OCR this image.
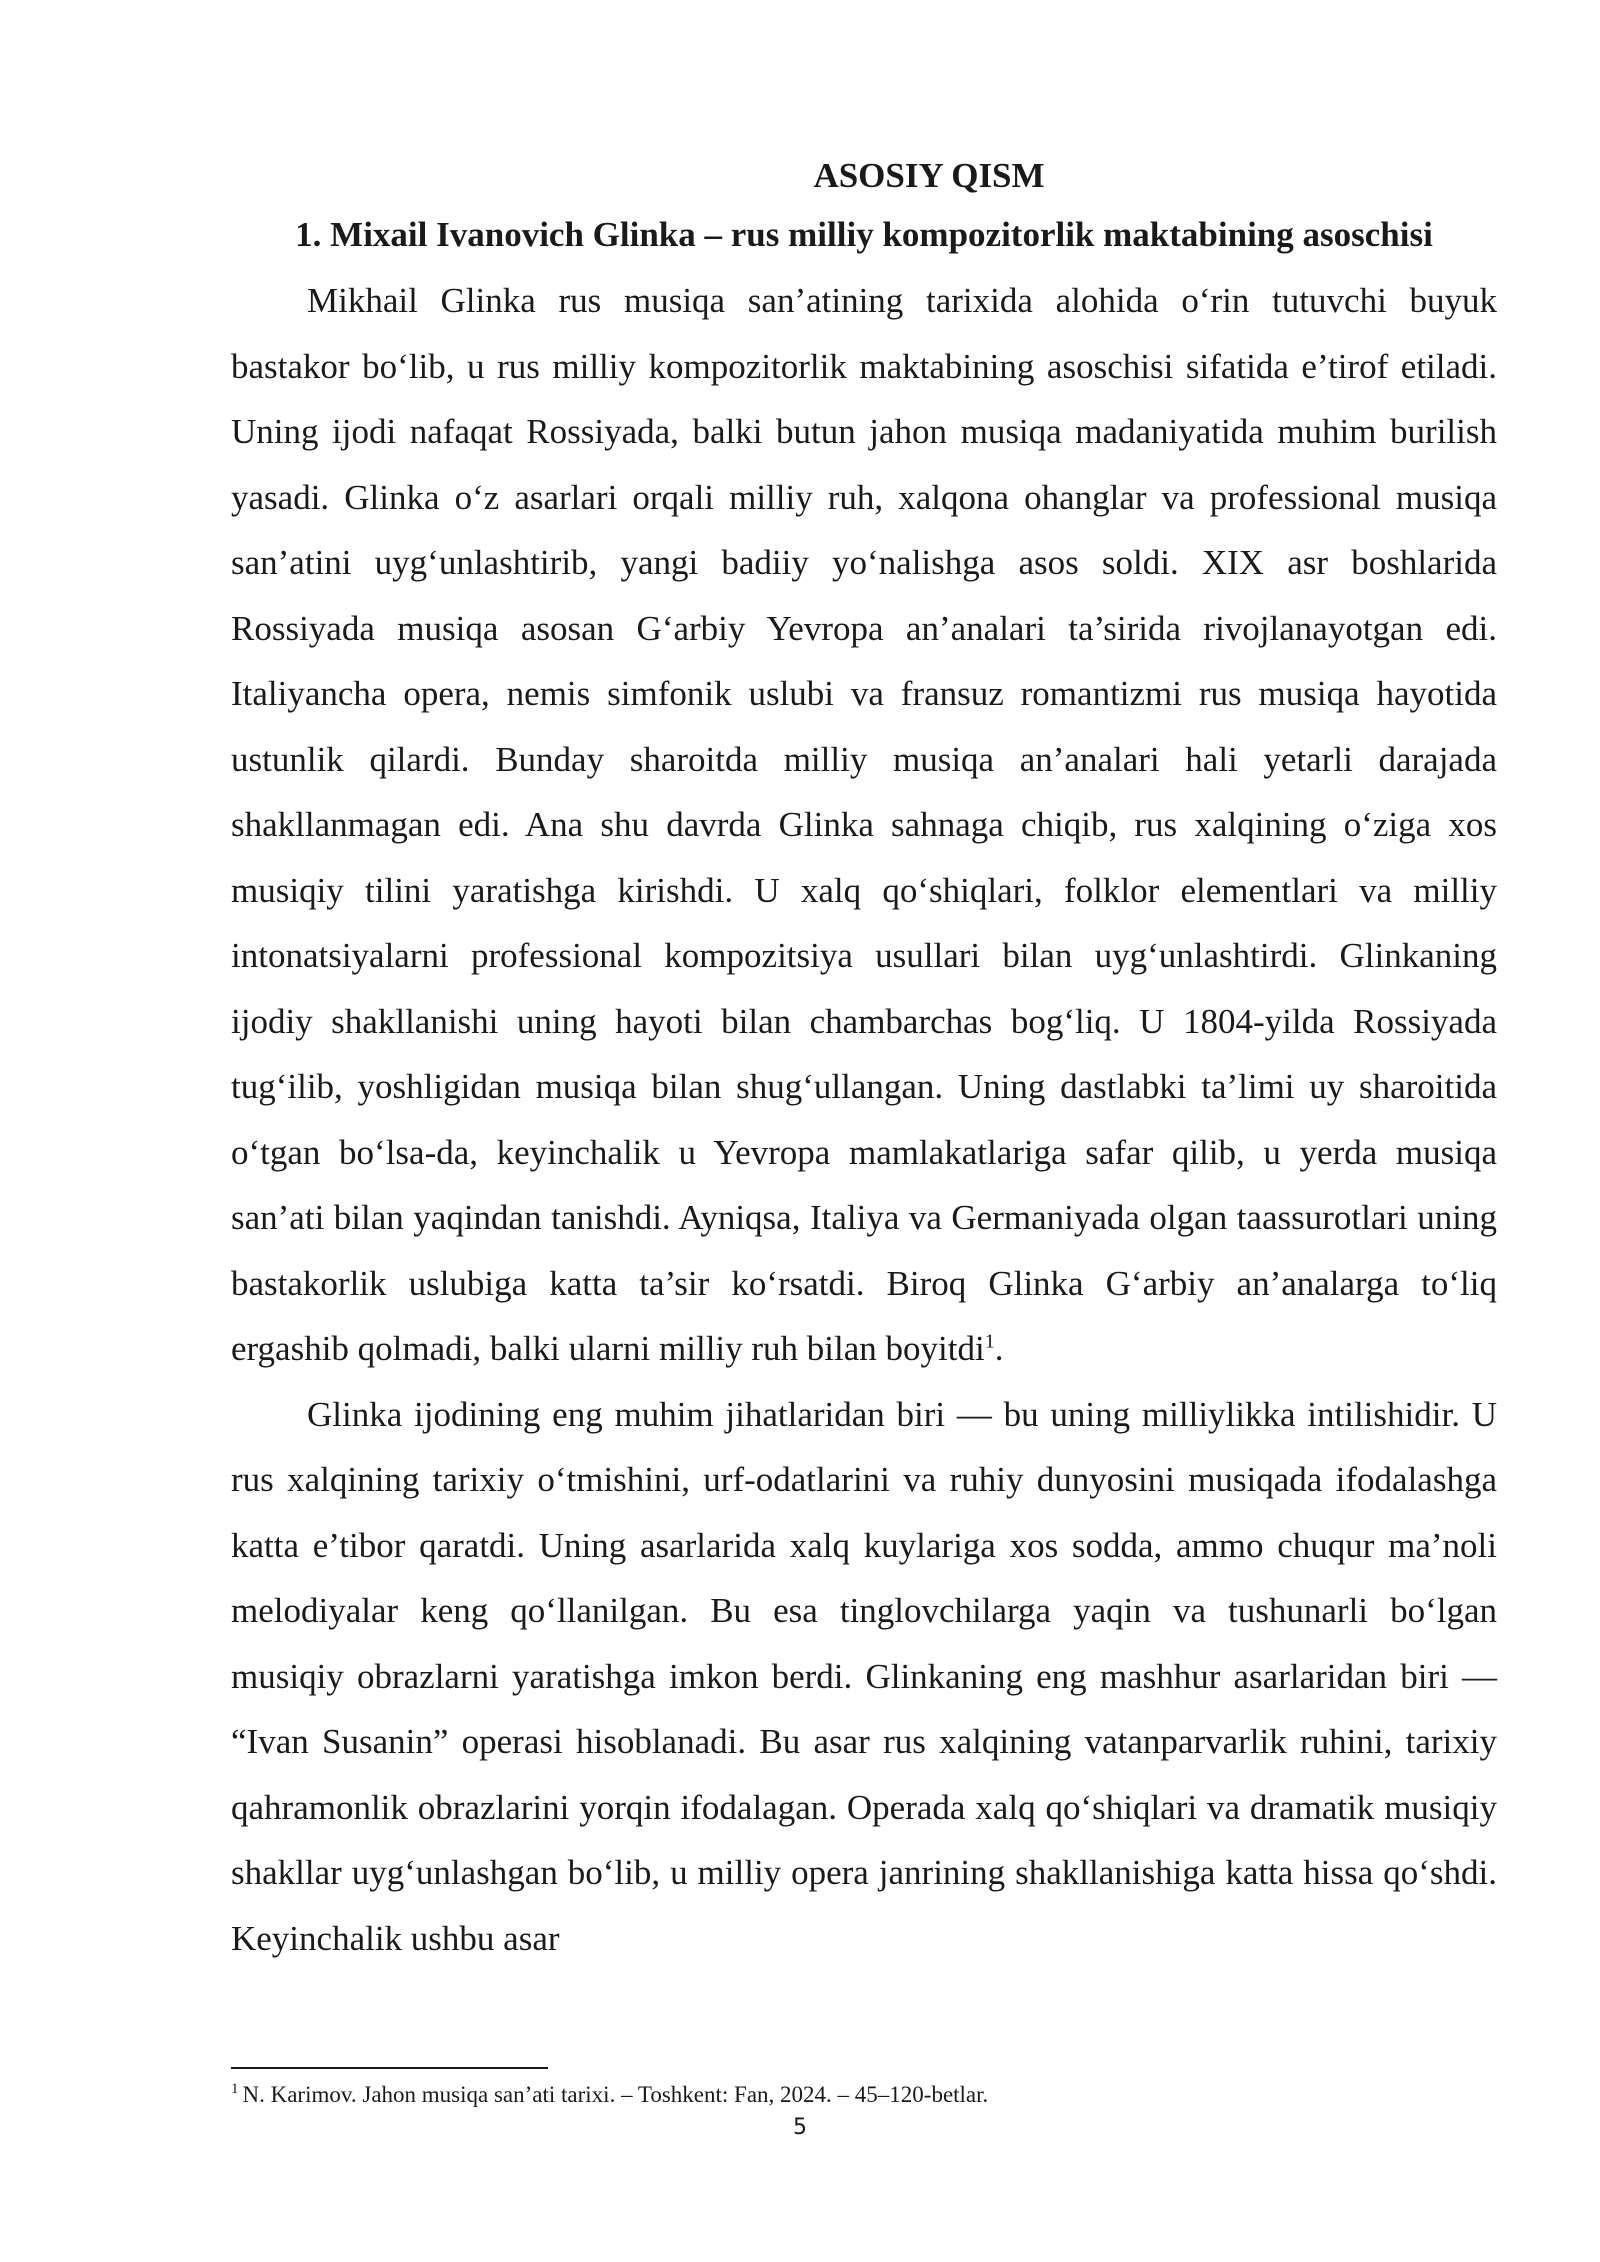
ASOSIY QISM
1. Mixail Ivanovich Glinka – rus milliy kompozitorlik maktabining asoschisi

Mikhail Glinka rus musiqa san’atining tarixida alohida o‘rin tutuvchi buyuk bastakor bo‘lib, u rus milliy kompozitorlik maktabining asoschisi sifatida e’tirof etiladi. Uning ijodi nafaqat Rossiyada, balki butun jahon musiqa madaniyatida muhim burilish yasadi. Glinka o‘z asarlari orqali milliy ruh, xalqona ohanglar va professional musiqa san’atini uyg‘unlashtirib, yangi badiiy yo‘nalishga asos soldi. XIX asr boshlarida Rossiyada musiqa asosan G‘arbiy Yevropa an’analari ta’sirida rivojlanayotgan edi. Italiyancha opera, nemis simfonik uslubi va fransuz romantizmi rus musiqa hayotida ustunlik qilardi. Bunday sharoitda milliy musiqa an’analari hali yetarli darajada shakllanmagan edi. Ana shu davrda Glinka sahnaga chiqib, rus xalqining o‘ziga xos musiqiy tilini yaratishga kirishdi. U xalq qo‘shiqlari, folklor elementlari va milliy intonatsiyalarni professional kompozitsiya usullari bilan uyg‘unlashtirdi. Glinkaning ijodiy shakllanishi uning hayoti bilan chambarchas bog‘liq. U 1804-yilda Rossiyada tug‘ilib, yoshligidan musiqa bilan shug‘ullangan. Uning dastlabki ta’limi uy sharoitida o‘tgan bo‘lsa-da, keyinchalik u Yevropa mamlakatlariga safar qilib, u yerda musiqa san’ati bilan yaqindan tanishdi. Ayniqsa, Italiya va Germaniyada olgan taassurotlari uning bastakorlik uslubiga katta ta’sir ko‘rsatdi. Biroq Glinka G‘arbiy an’analarga to‘liq ergashib qolmadi, balki ularni milliy ruh bilan boyitdi$^1$.

Glinka ijodining eng muhim jihatlaridan biri — bu uning milliylikka intilishidir. U rus xalqining tarixiy o‘tmishini, urf-odatlarini va ruhiy dunyosini musiqada ifodalashga katta e’tibor qaratdi. Uning asarlarida xalq kuylariga xos sodda, ammo chuqur ma’noli melodiyalar keng qo‘llanilgan. Bu esa tinglovchilarga yaqin va tushunarli bo‘lgan musiqiy obrazlarni yaratishga imkon berdi. Glinkaning eng mashhur asarlaridan biri — “Ivan Susanin” operasi hisoblanadi. Bu asar rus xalqining vatanparvarlik ruhini, tarixiy qahramonlik obrazlarini yorqin ifodalagan. Operada xalq qo‘shiqlari va dramatik musiqiy shakllar uyg‘unlashgan bo‘lib, u milliy opera janrining shakllanishiga katta hissa qo‘shdi. Keyinchalik ushbu asar

$^1$ N. Karimov. Jahon musiqa san’ati tarixi. – Toshkent: Fan, 2024. – 45–120-betlar.

5
